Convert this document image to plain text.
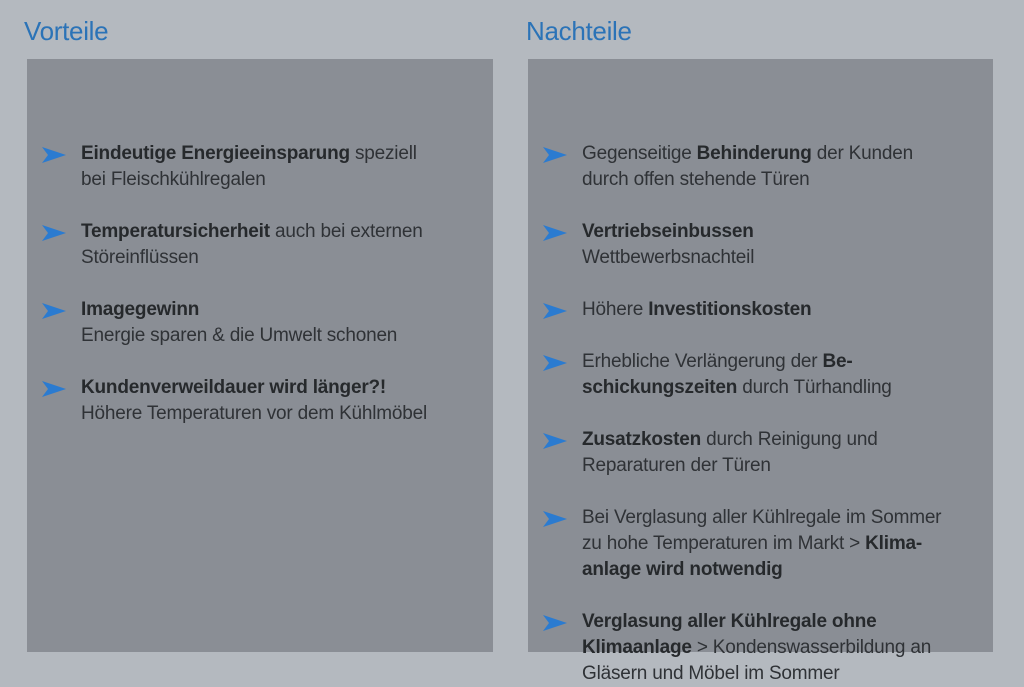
Vorteile	Nachteile
Eindeutige Energieeinsparung speziell
bei Fleischkühlregalen
Temperatursicherheit auch bei externen
Störeinflüssen
Imagegewinn
Energie sparen & die Umwelt schonen
Kundenverweildauer wird länger?!
Höhere Temperaturen vor dem Kühlmöbel
Gegenseitige Behinderung der Kunden
durch offen stehende Türen
Vertriebseinbussen
Wettbewerbsnachteil
Höhere Investitionskosten
Erhebliche Verlängerung der Be-
schickungszeiten durch Türhandling
Zusatzkosten durch Reinigung und
Reparaturen der Türen
Bei Verglasung aller Kühlregale im Sommer
zu hohe Temperaturen im Markt > Klima-
anlage wird notwendig
Verglasung aller Kühlregale ohne
Klimaanlage > Kondenswasserbildung an
Gläsern und Möbel im Sommer
